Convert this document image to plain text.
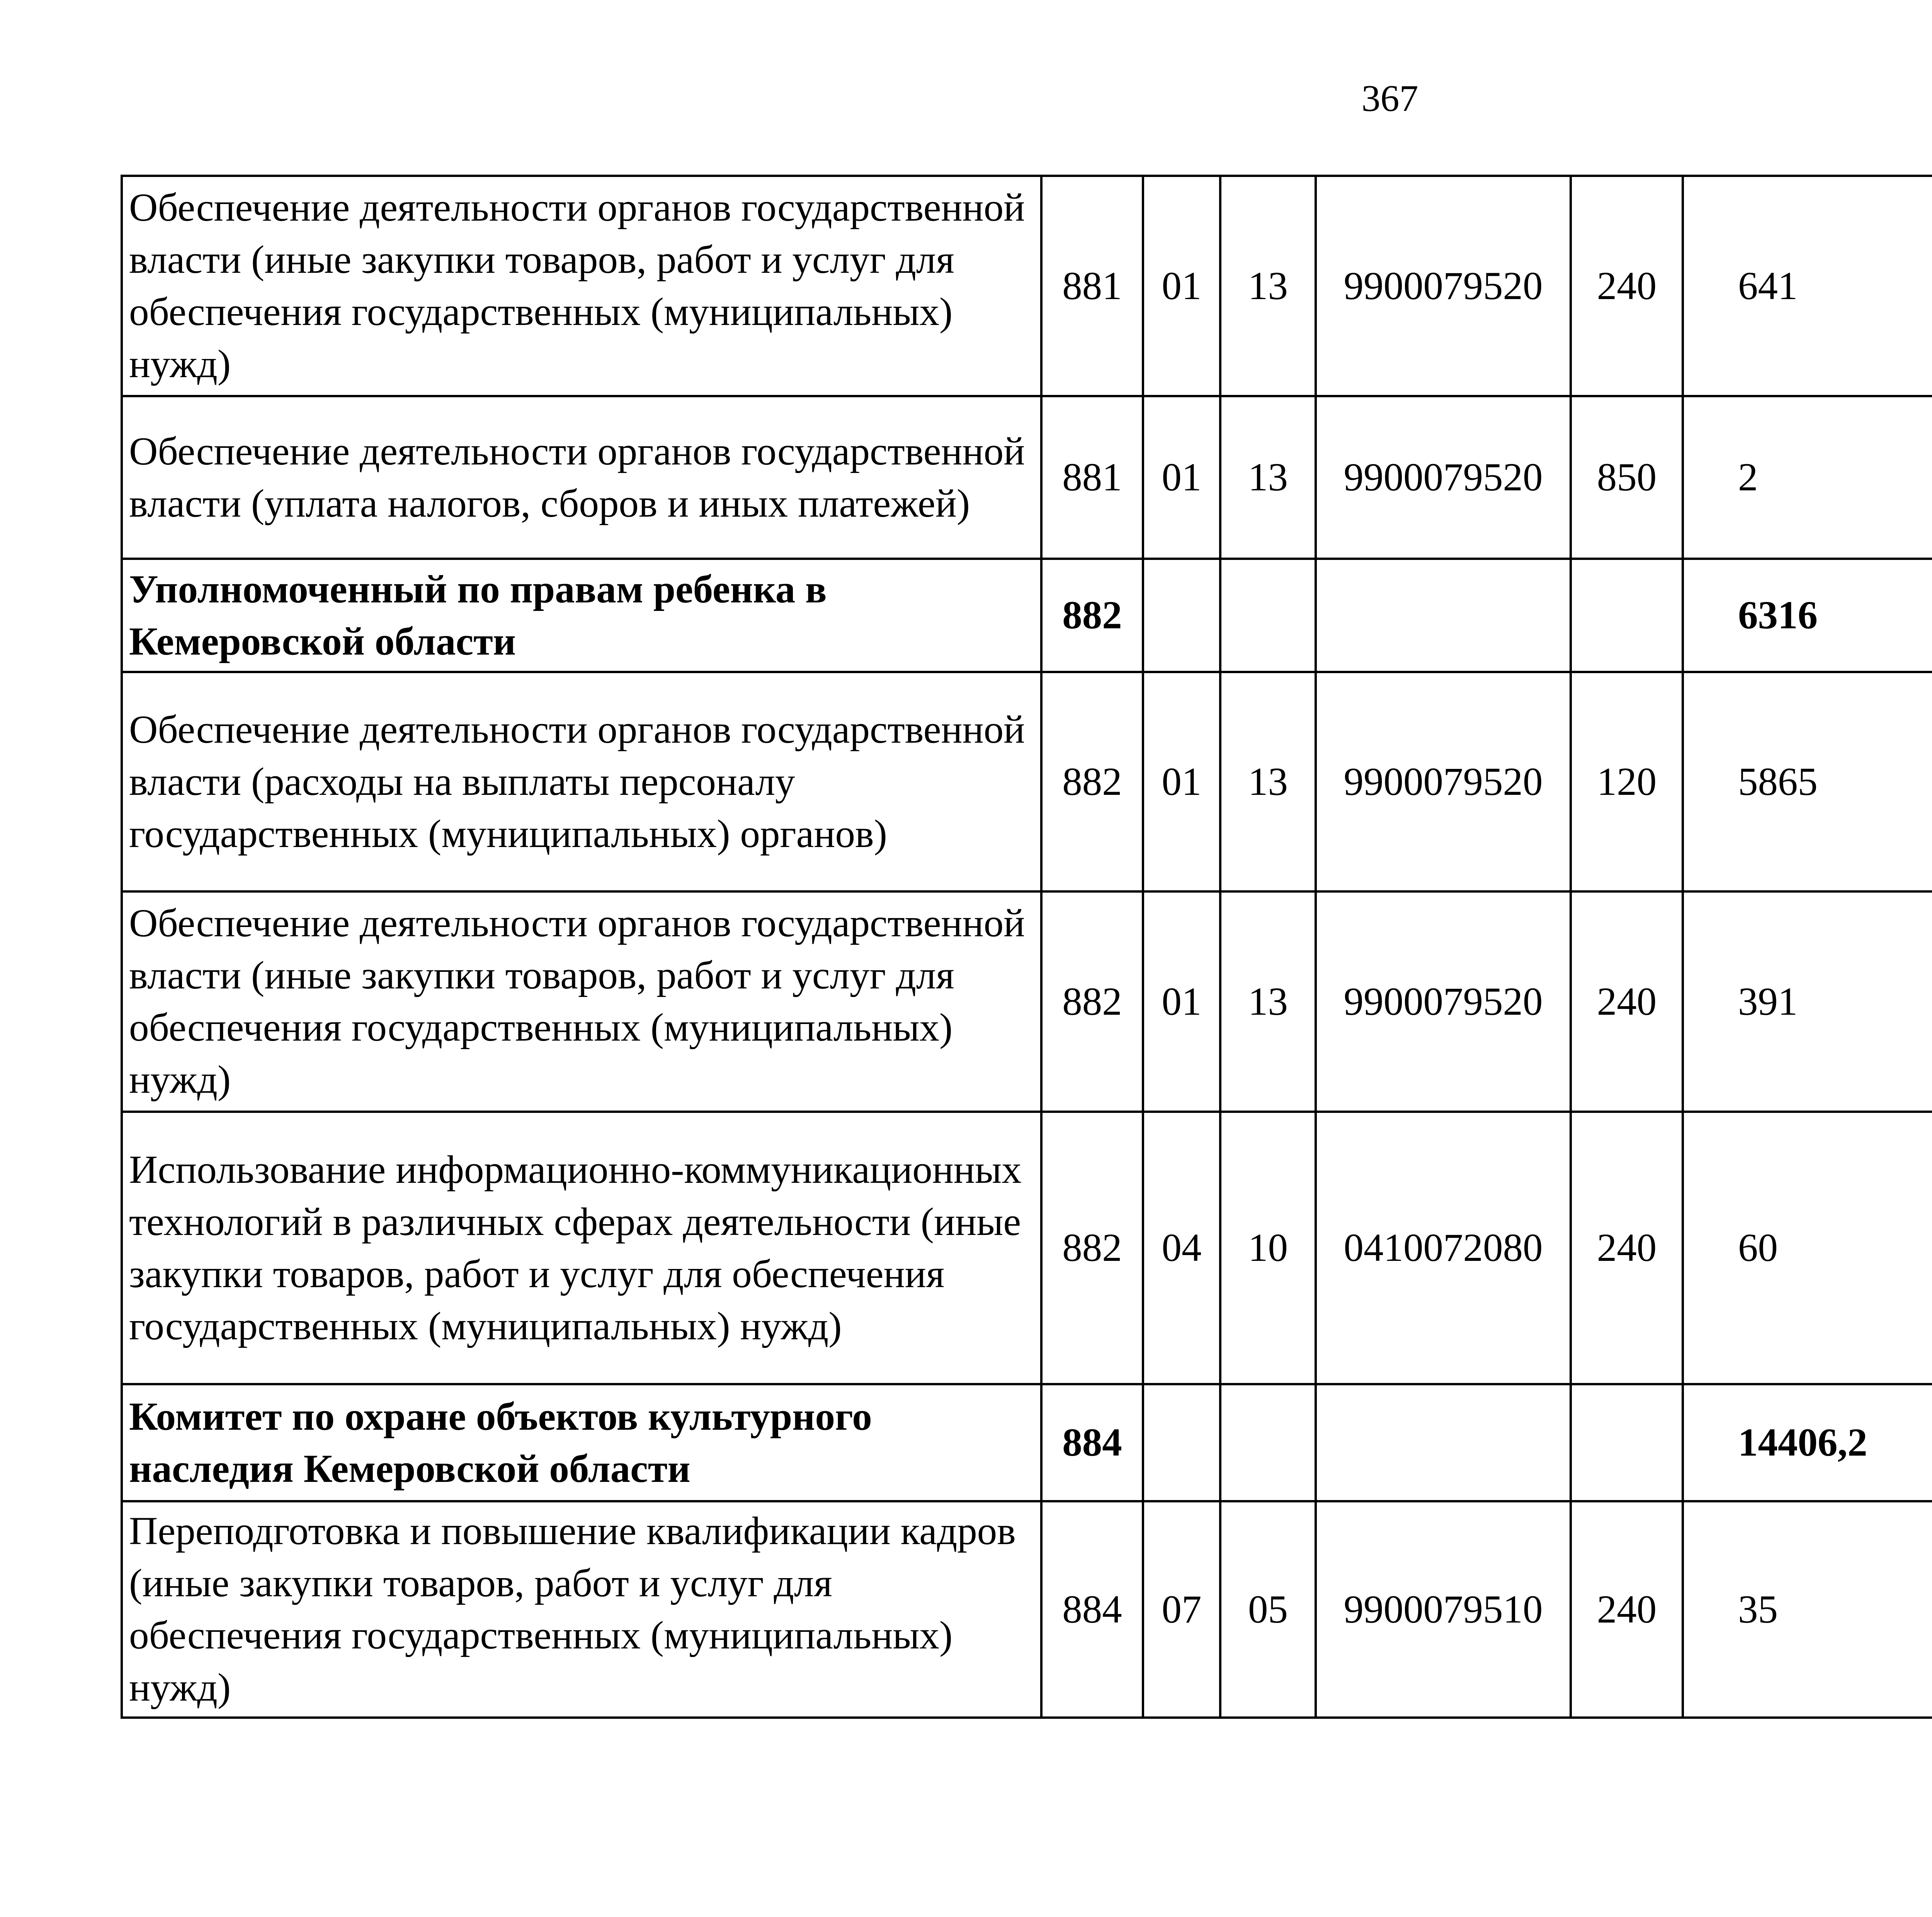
367
Обеспечение деятельности органов государственной власти (иные закупки товаров, работ и услуг для обеспечения государственных (муниципальных) нужд)	881	01	13	9900079520	240	641		
Обеспечение деятельности органов государственной власти (уплата налогов, сборов и иных платежей)	881	01	13	9900079520	850	2		
Уполномоченный по правам ребенка в Кемеровской области	882					6316		
Обеспечение деятельности органов государственной власти (расходы на выплаты персоналу государственных (муниципальных) органов)	882	01	13	9900079520	120	5865		
Обеспечение деятельности органов государственной власти (иные закупки товаров, работ и услуг для обеспечения государственных (муниципальных) нужд)	882	01	13	9900079520	240	391		
Использование информационно-коммуникационных технологий в различных сферах деятельности (иные закупки товаров, работ и услуг для обеспечения государственных (муниципальных) нужд)	882	04	10	0410072080	240	60		
Комитет по охране объектов культурного наследия Кемеровской области	884					14406,2		
Переподготовка и повышение квалификации кадров (иные закупки товаров, работ и услуг для обеспечения государственных (муниципальных) нужд)	884	07	05	9900079510	240	35		
